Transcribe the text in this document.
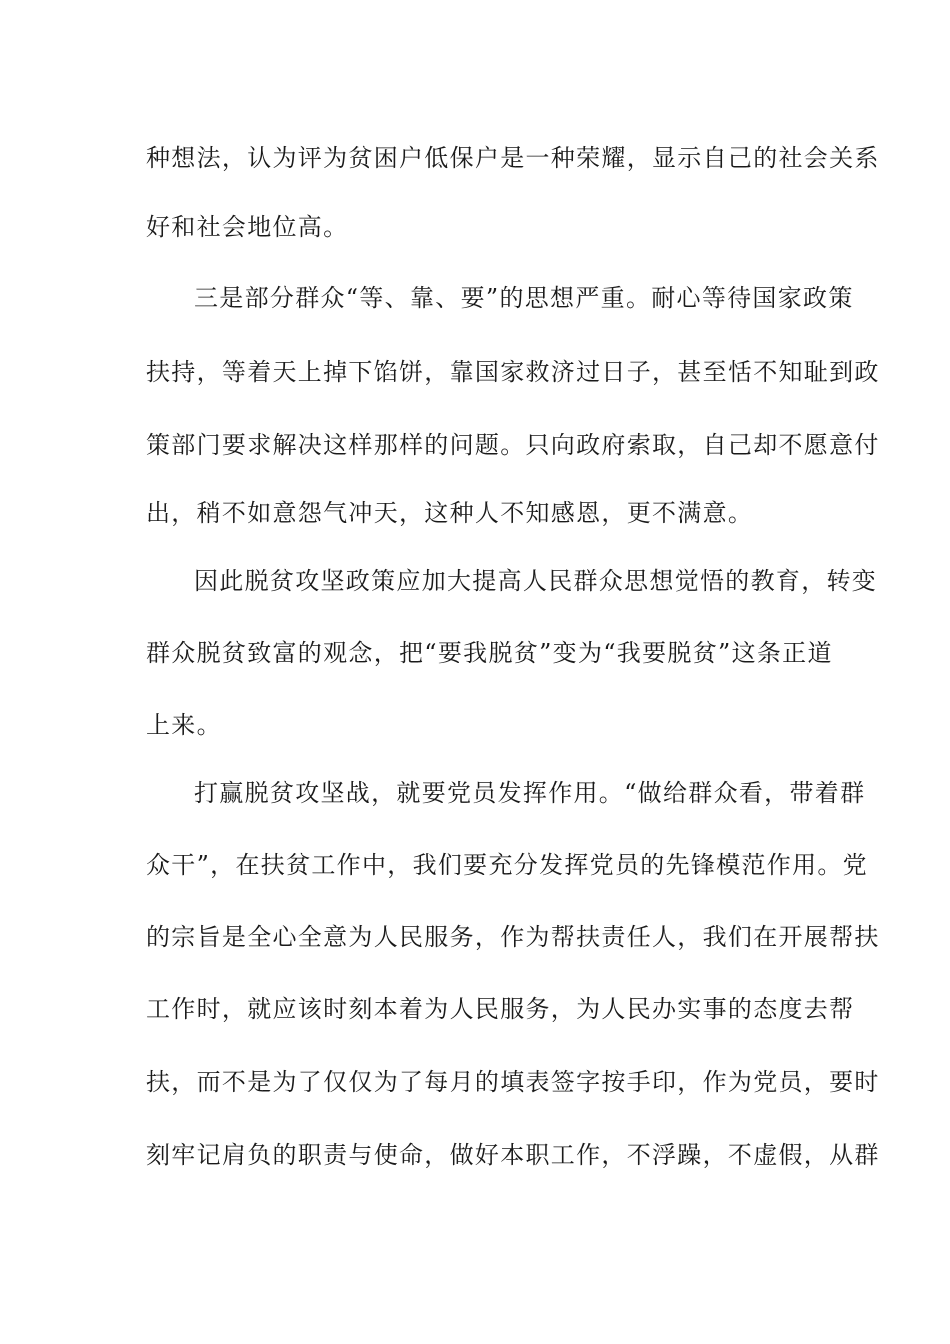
种想法，认为评为贫困户低保户是一种荣耀，显示自己的社会关系
好和社会地位高。
三是部分群众“等、靠、要”的思想严重。耐心等待国家政策
扶持，等着天上掉下馅饼，靠国家救济过日子，甚至恬不知耻到政
策部门要求解决这样那样的问题。只向政府索取，自己却不愿意付
出，稍不如意怨气冲天，这种人不知感恩，更不满意。
因此脱贫攻坚政策应加大提高人民群众思想觉悟的教育，转变
群众脱贫致富的观念，把“要我脱贫”变为“我要脱贫”这条正道
上来。
打赢脱贫攻坚战，就要党员发挥作用。“做给群众看，带着群
众干”，在扶贫工作中，我们要充分发挥党员的先锋模范作用。党
的宗旨是全心全意为人民服务，作为帮扶责任人，我们在开展帮扶
工作时，就应该时刻本着为人民服务，为人民办实事的态度去帮
扶，而不是为了仅仅为了每月的填表签字按手印，作为党员，要时
刻牢记肩负的职责与使命，做好本职工作，不浮躁，不虚假，从群
